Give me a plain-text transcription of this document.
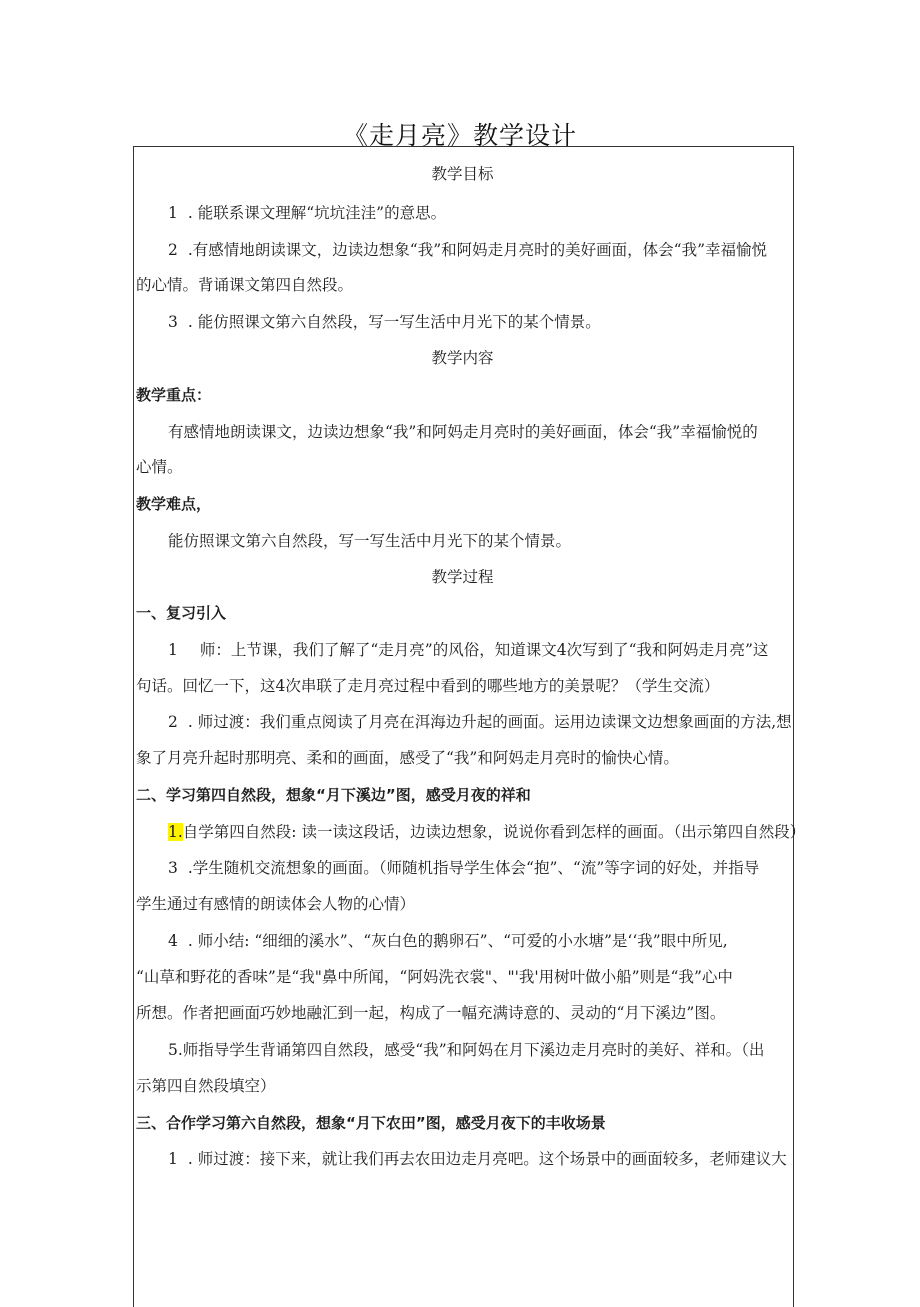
《走月亮》教学设计
教学目标
1 . 能联系课文理解“坑坑洼洼”的意思。
2 .有感情地朗读课文，边读边想象“我”和阿妈走月亮时的美好画面，体会“我”幸福愉悦
的心情。背诵课文第四自然段。
3 . 能仿照课文第六自然段，写一写生活中月光下的某个情景。
教学内容
教学重点：
有感情地朗读课文，边读边想象“我”和阿妈走月亮时的美好画面，体会“我”幸福愉悦的
心情。
教学难点，
能仿照课文第六自然段，写一写生活中月光下的某个情景。
教学过程
一、复习引入
1 师：上节课，我们了解了“走月亮”的风俗，知道课文4次写到了“我和阿妈走月亮”这
句话。回忆一下，这4次串联了走月亮过程中看到的哪些地方的美景呢？（学生交流）
2 . 师过渡：我们重点阅读了月亮在洱海边升起的画面。运用边读课文边想象画面的方法,想
象了月亮升起时那明亮、柔和的画面，感受了“我”和阿妈走月亮时的愉快心情。
二、学习第四自然段，想象“月下溪边”图，感受月夜的祥和
1.自学第四自然段: 读一读这段话，边读边想象，说说你看到怎样的画面。（出示第四自然段）
3 .学生随机交流想象的画面。（师随机指导学生体会“抱”、“流”等字词的好处，并指导
学生通过有感情的朗读体会人物的心情）
4 . 师小结: “细细的溪水”、“灰白色的鹅卵石”、“可爱的小水塘”是‘‘我”眼中所见,
“山草和野花的香味”是“我"鼻中所闻，“阿妈洗衣裳"、"'我'用树叶做小船”则是“我”心中
所想。作者把画面巧妙地融汇到一起，构成了一幅充满诗意的、灵动的“月下溪边”图。
5.师指导学生背诵第四自然段，感受“我”和阿妈在月下溪边走月亮时的美好、祥和。（出
示第四自然段填空）
三、合作学习第六自然段，想象“月下农田”图，感受月夜下的丰收场景
1 . 师过渡：接下来，就让我们再去农田边走月亮吧。这个场景中的画面较多，老师建议大
